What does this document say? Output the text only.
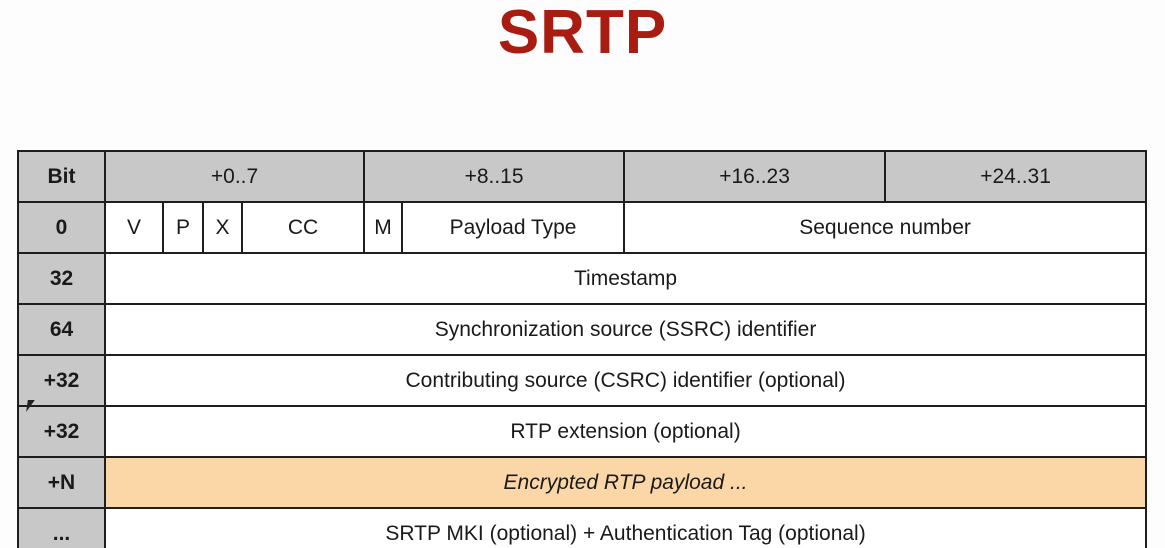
SRTP
Bit	+0..7				+8..15		+16..23	+24..31
0	V	P	X	CC	M	Payload Type	Sequence number	
32	Timestamp							
64	Synchronization source (SSRC) identifier							
+32	Contributing source (CSRC) identifier (optional)							
+32	RTP extension (optional)							
+N	Encrypted RTP payload ...							
...	SRTP MKI (optional) + Authentication Tag (optional)							
